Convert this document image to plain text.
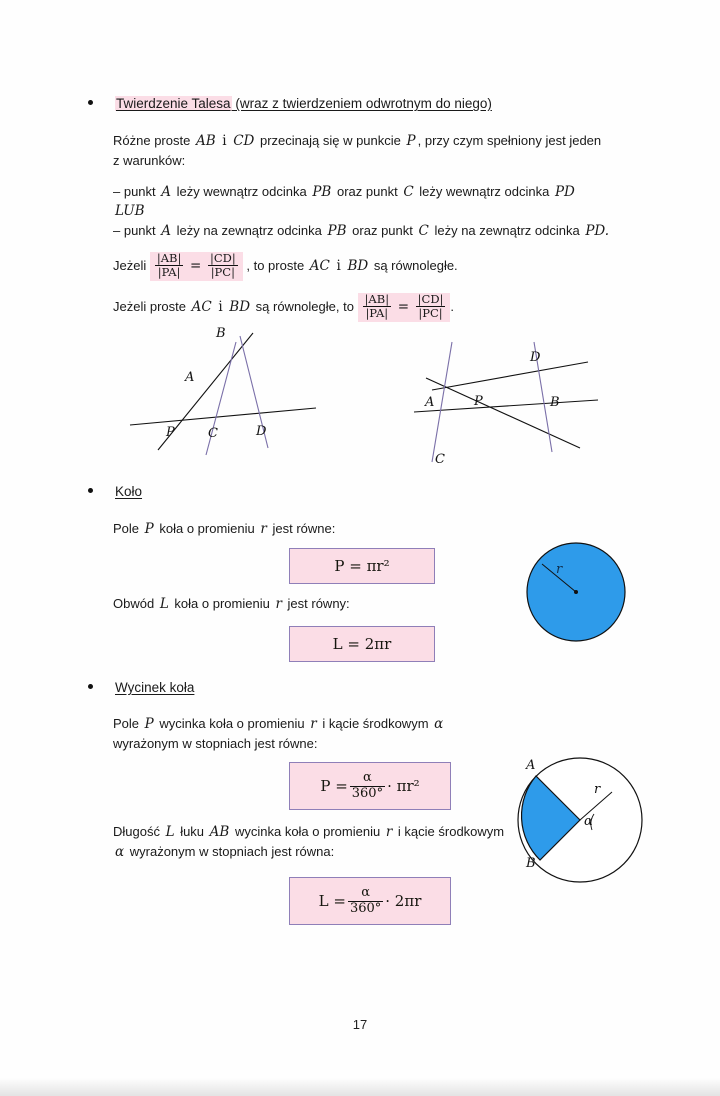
Twierdzenie Talesa (wraz z twierdzeniem odwrotnym do niego)
Różne proste AB i CD przecinają się w punkcie P , przy czym spełniony jest jeden
z warunków:
– punkt A leży wewnątrz odcinka PB oraz punkt C leży wewnątrz odcinka PD
LUB
– punkt A leży na zewnątrz odcinka PB oraz punkt C leży na zewnątrz odcinka PD.
Jeżeli $\frac{|AB|}{|PA|} = \frac{|CD|}{|PC|}$ , to proste AC i BD są równoległe.
Jeżeli proste AC i BD są równoległe, to $\frac{|AB|}{|PA|} = \frac{|CD|}{|PC|}$ .
B
A
P	C	D
D
A	P	B
C
Koło
Pole P koła o promieniu r jest równe:
P = πr²
Obwód L koła o promieniu r jest równy:
L = 2πr
r
Wycinek koła
Pole P wycinka koła o promieniu r i kącie środkowym α
wyrażonym w stopniach jest równe:
$P = \frac{\alpha}{360^\circ} \cdot \pi r^2$
Długość L łuku AB wycinka koła o promieniu r i kącie środkowym
α wyrażonym w stopniach jest równa:
$L = \frac{\alpha}{360^\circ} \cdot 2\pi r$
A
r
α
B
17
